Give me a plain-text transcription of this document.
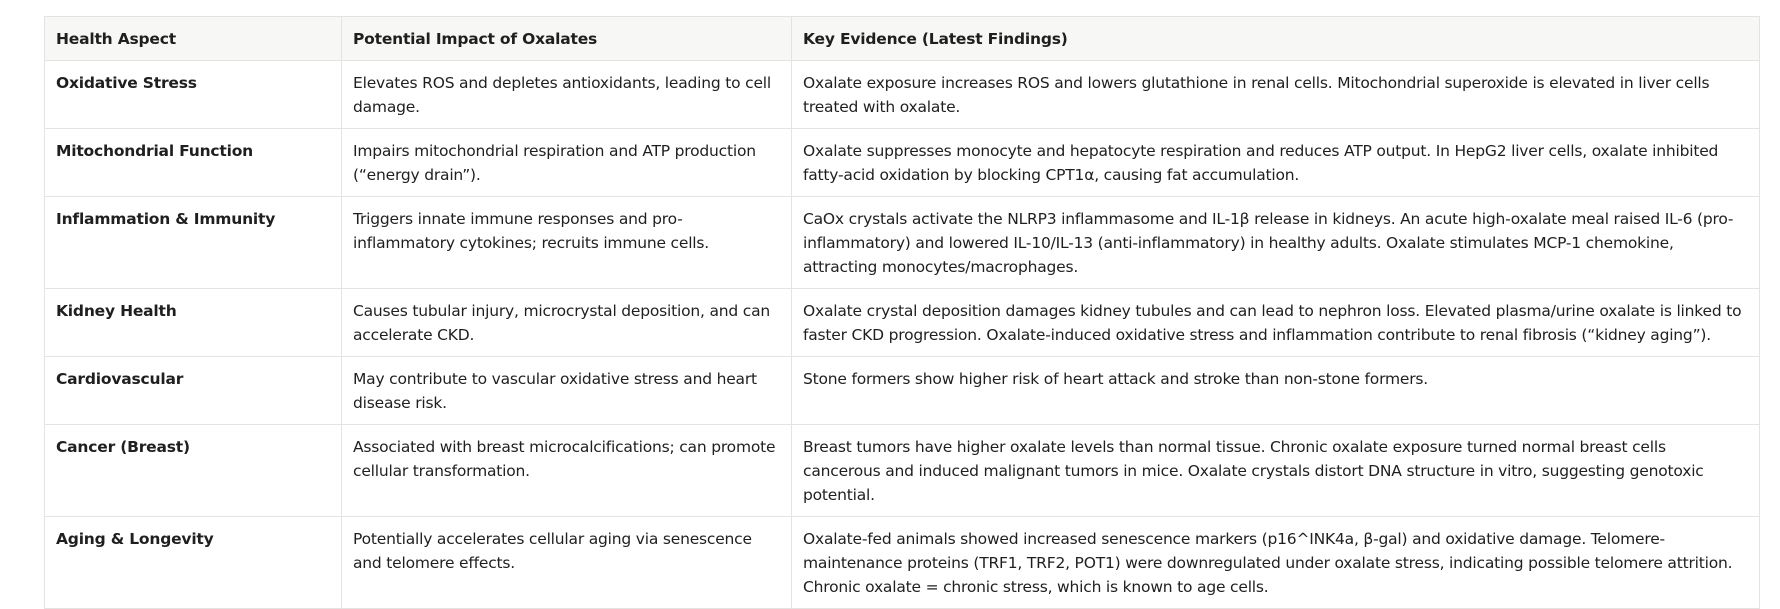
Health Aspect	Potential Impact of Oxalates	Key Evidence (Latest Findings)
Oxidative Stress	Elevates ROS and depletes antioxidants, leading to cell damage.	Oxalate exposure increases ROS and lowers glutathione in renal cells. Mitochondrial superoxide is elevated in liver cells treated with oxalate.
Mitochondrial Function	Impairs mitochondrial respiration and ATP production (“energy drain”).	Oxalate suppresses monocyte and hepatocyte respiration and reduces ATP output. In HepG2 liver cells, oxalate inhibited fatty-acid oxidation by blocking CPT1α, causing fat accumulation.
Inflammation & Immunity	Triggers innate immune responses and pro-inflammatory cytokines; recruits immune cells.	CaOx crystals activate the NLRP3 inflammasome and IL-1β release in kidneys. An acute high-oxalate meal raised IL-6 (pro-inflammatory) and lowered IL-10/IL-13 (anti-inflammatory) in healthy adults. Oxalate stimulates MCP-1 chemokine, attracting monocytes/macrophages.
Kidney Health	Causes tubular injury, microcrystal deposition, and can accelerate CKD.	Oxalate crystal deposition damages kidney tubules and can lead to nephron loss. Elevated plasma/urine oxalate is linked to faster CKD progression. Oxalate-induced oxidative stress and inflammation contribute to renal fibrosis (“kidney aging”).
Cardiovascular	May contribute to vascular oxidative stress and heart disease risk.	Stone formers show higher risk of heart attack and stroke than non-stone formers.
Cancer (Breast)	Associated with breast microcalcifications; can promote cellular transformation.	Breast tumors have higher oxalate levels than normal tissue. Chronic oxalate exposure turned normal breast cells cancerous and induced malignant tumors in mice. Oxalate crystals distort DNA structure in vitro, suggesting genotoxic potential.
Aging & Longevity	Potentially accelerates cellular aging via senescence and telomere effects.	Oxalate-fed animals showed increased senescence markers (p16^INK4a, β-gal) and oxidative damage. Telomere-maintenance proteins (TRF1, TRF2, POT1) were downregulated under oxalate stress, indicating possible telomere attrition. Chronic oxalate = chronic stress, which is known to age cells.
